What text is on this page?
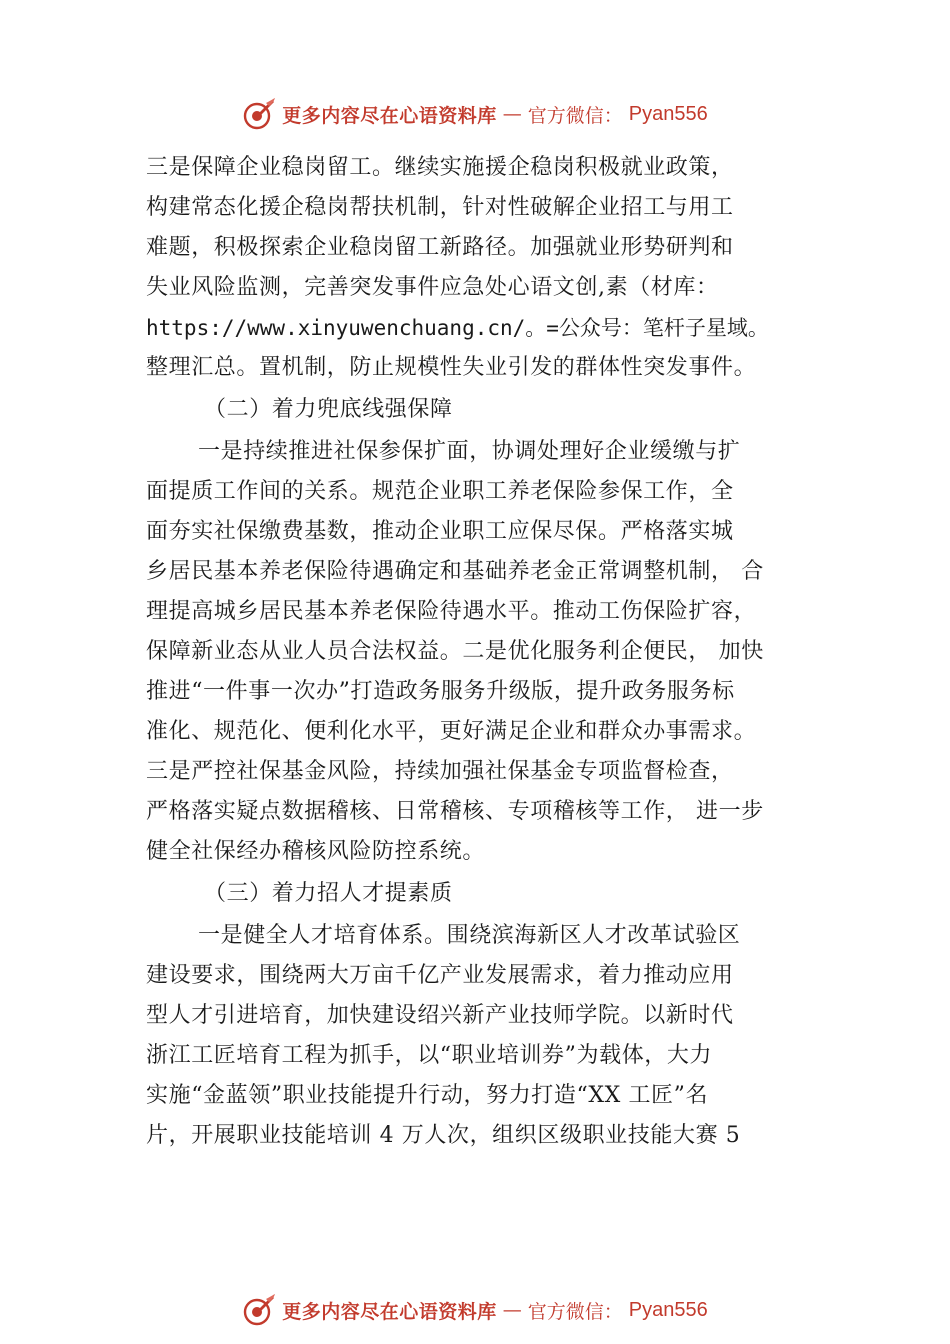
更多内容尽在心语资料库 — 官方微信： Pyan556
三是保障企业稳岗留工。继续实施援企稳岗积极就业政策，
构建常态化援企稳岗帮扶机制，针对性破解企业招工与用工
难题，积极探索企业稳岗留工新路径。加强就业形势研判和
失业风险监测，完善突发事件应急处心语文创,素（材库：
https://www.xinyuwenchuang.cn/。=公众号：笔杆子星域。
整理汇总。置机制，防止规模性失业引发的群体性突发事件。
（二）着力兜底线强保障
一是持续推进社保参保扩面，协调处理好企业缓缴与扩
面提质工作间的关系。规范企业职工养老保险参保工作，全
面夯实社保缴费基数，推动企业职工应保尽保。严格落实城
乡居民基本养老保险待遇确定和基础养老金正常调整机制， 合
理提高城乡居民基本养老保险待遇水平。推动工伤保险扩容，
保障新业态从业人员合法权益。二是优化服务利企便民， 加快
推进“一件事一次办”打造政务服务升级版，提升政务服务标
准化、规范化、便利化水平，更好满足企业和群众办事需求。
三是严控社保基金风险，持续加强社保基金专项监督检查，
严格落实疑点数据稽核、日常稽核、专项稽核等工作， 进一步
健全社保经办稽核风险防控系统。
（三）着力招人才提素质
一是健全人才培育体系。围绕滨海新区人才改革试验区
建设要求，围绕两大万亩千亿产业发展需求，着力推动应用
型人才引进培育，加快建设绍兴新产业技师学院。以新时代
浙江工匠培育工程为抓手，以“职业培训券”为载体，大力
实施“金蓝领”职业技能提升行动，努力打造“XX 工匠”名
片，开展职业技能培训 4 万人次，组织区级职业技能大赛 5
更多内容尽在心语资料库 — 官方微信： Pyan556
